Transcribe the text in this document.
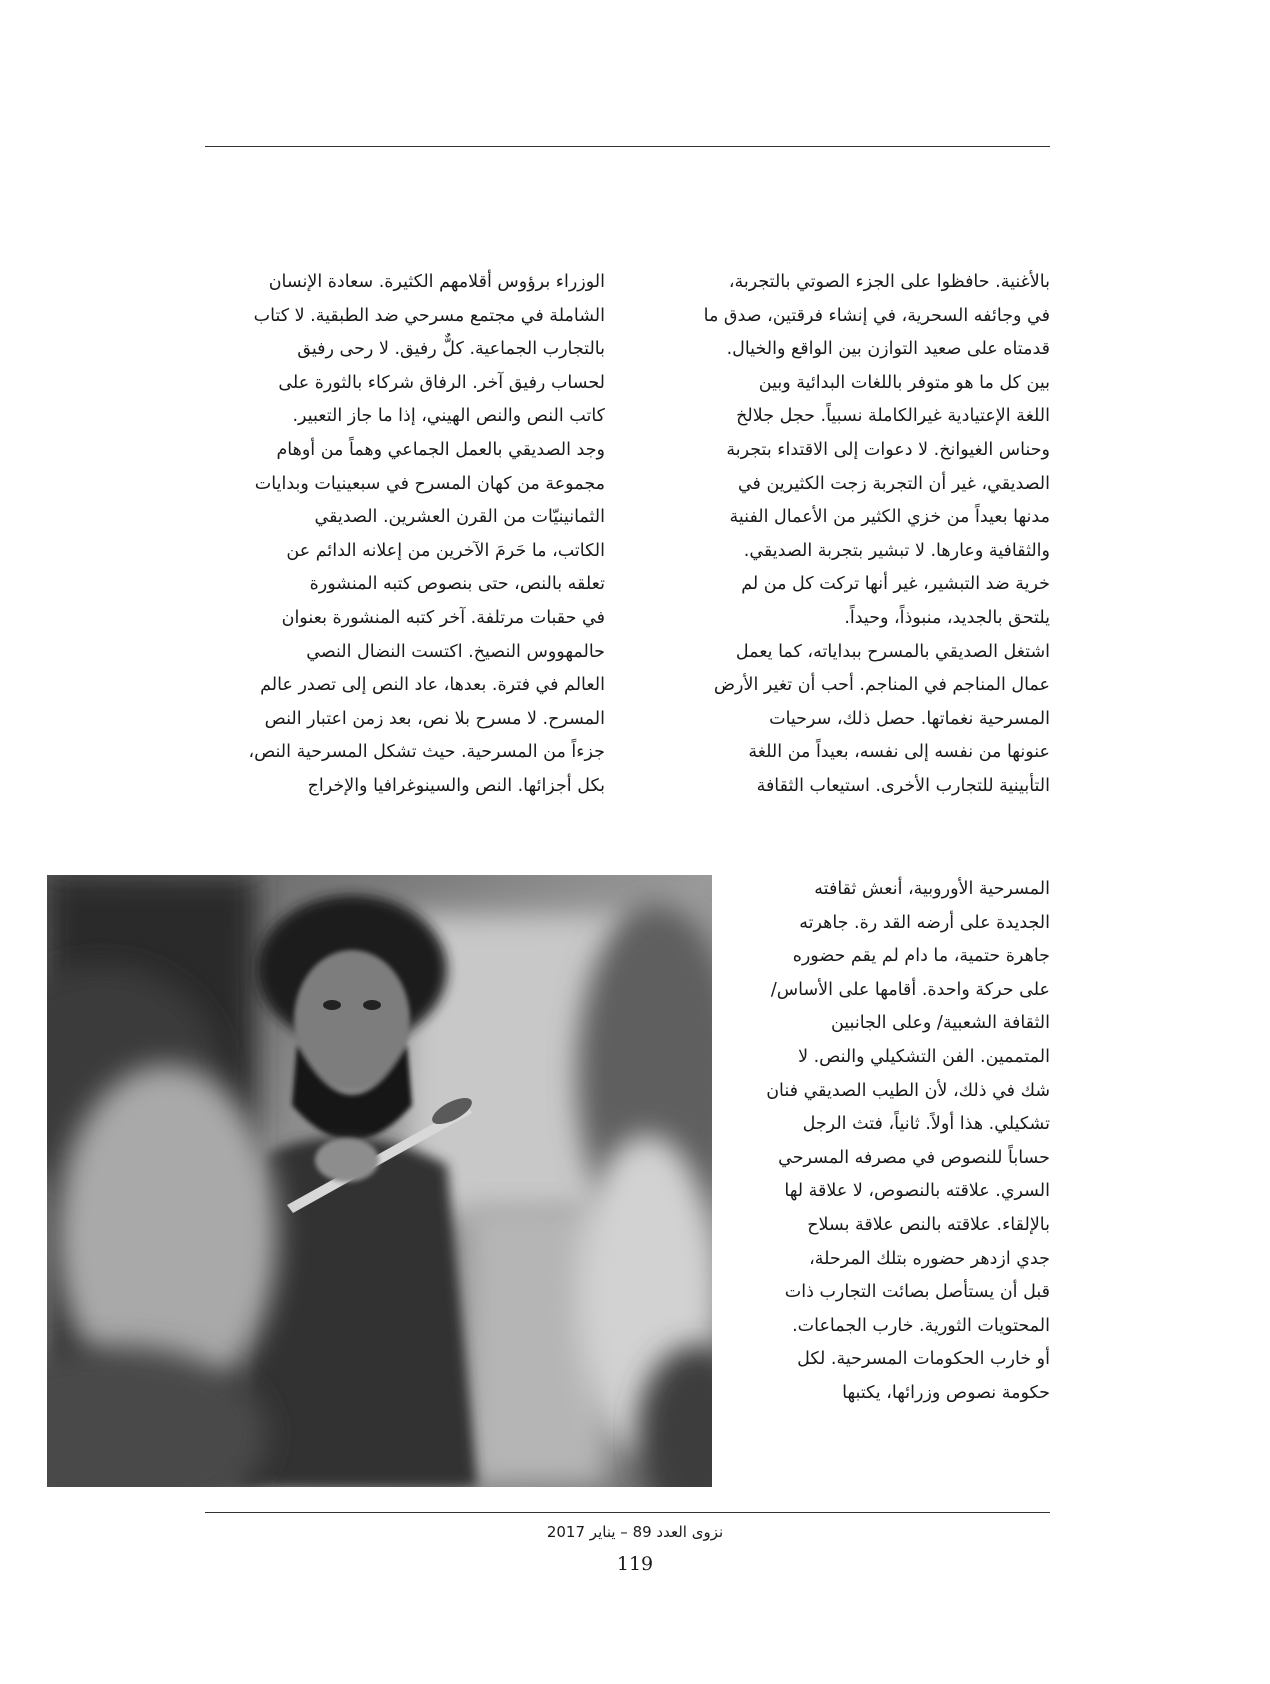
الوزراء برؤوس أقلامهم الكثيرة. سعادة الإنسان
الشاملة في مجتمع مسرحي ضد الطبقية. لا كتاب
بالتجارب الجماعية. كلٌّ رفيق. لا رحى رفيق
لحساب رفيق آخر. الرفاق شركاء بالثورة على
كاتب النص والنص الهيني، إذا ما جاز التعبير.
وجد الصديقي بالعمل الجماعي وهماً من أوهام
مجموعة من كهان المسرح في سبعينيات وبدايات
الثمانينيّات من القرن العشرين. الصديقي
الكاتب، ما حَرمَ الآخرين من إعلانه الدائم عن
تعلقه بالنص، حتى بنصوص كتبه المنشورة
في حقبات مرتلفة. آخر كتبه المنشورة بعنوان
حالمهووس النصيخ. اكتست النضال النصي
العالم في فترة. بعدها، عاد النص إلى تصدر عالم
المسرح. لا مسرح بلا نص، بعد زمن اعتبار النص
جزءاً من المسرحية. حيث تشكل المسرحية النص،
بكل أجزائها. النص والسينوغرافيا والإخراج
بالأغنية. حافظوا على الجزء الصوتي بالتجربة،
في وجائفه السحرية، في إنشاء فرقتين، صدق ما
قدمتاه على صعيد التوازن بين الواقع والخيال.
بين كل ما هو متوفر باللغات البدائية وبين
اللغة الإعتيادية غيرالكاملة نسبياً. حجل جلالخ
وحناس الغيوانخ. لا دعوات إلى الاقتداء بتجربة
الصديقي، غير أن التجربة زجت الكثيرين في
مدنها بعيداً من خزي الكثير من الأعمال الفنية
والثقافية وعارها. لا تبشير بتجربة الصديقي.
خرية ضد التبشير، غير أنها تركت كل من لم
يلتحق بالجديد، منبوذاً، وحيداً.
اشتغل الصديقي بالمسرح ببداياته، كما يعمل
عمال المناجم في المناجم. أحب أن تغير الأرض
المسرحية نغماتها. حصل ذلك، سرحيات
عنونها من نفسه إلى نفسه، بعيداً من اللغة
التأبينية للتجارب الأخرى. استيعاب الثقافة
المسرحية الأوروبية، أنعش ثقافته
الجديدة على أرضه القد رة. جاهرته
جاهرة حتمية، ما دام لم يقم حضوره
على حركة واحدة. أقامها على الأساس/
الثقافة الشعبية/ وعلى الجانبين
المتممين. الفن التشكيلي والنص. لا
شك في ذلك، لأن الطيب الصديقي فنان
تشكيلي. هذا أولاً. ثانياً، فتث الرجل
حساباً للنصوص في مصرفه المسرحي
السري. علاقته بالنصوص، لا علاقة لها
بالإلقاء. علاقته بالنص علاقة بسلاح
جدي ازدهر حضوره بتلك المرحلة،
قبل أن يستأصل بصائت التجارب ذات
المحتويات الثورية. خارب الجماعات.
أو خارب الحكومات المسرحية. لكل
حكومة نصوص وزرائها، يكتبها
نزوى العدد 89 – يناير 2017
119
